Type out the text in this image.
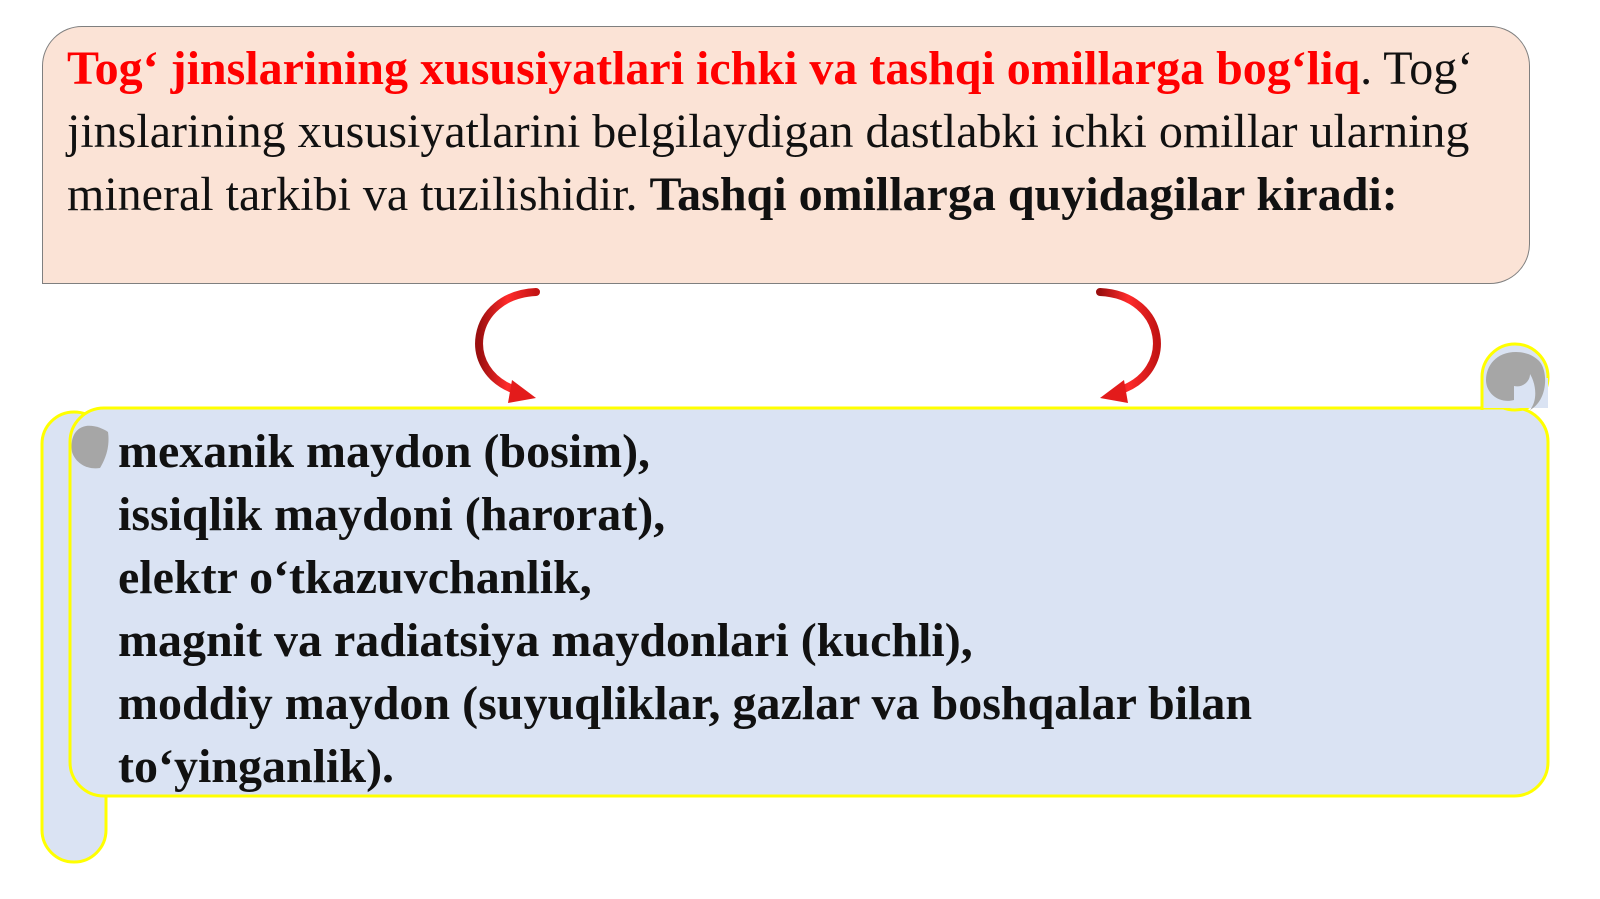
Tog‘ jinslarining xususiyatlari ichki va tashqi omillarga bog‘liq. Tog‘ jinslarining xususiyatlarini belgilaydigan dastlabki ichki omillar ularning mineral tarkibi va tuzilishidir. Tashqi omillarga quyidagilar kiradi:
mexanik maydon (bosim),
issiqlik maydoni (harorat),
elektr o‘tkazuvchanlik,
magnit va radiatsiya maydonlari (kuchli),
moddiy maydon (suyuqliklar, gazlar va boshqalar bilan to‘yinganlik).
